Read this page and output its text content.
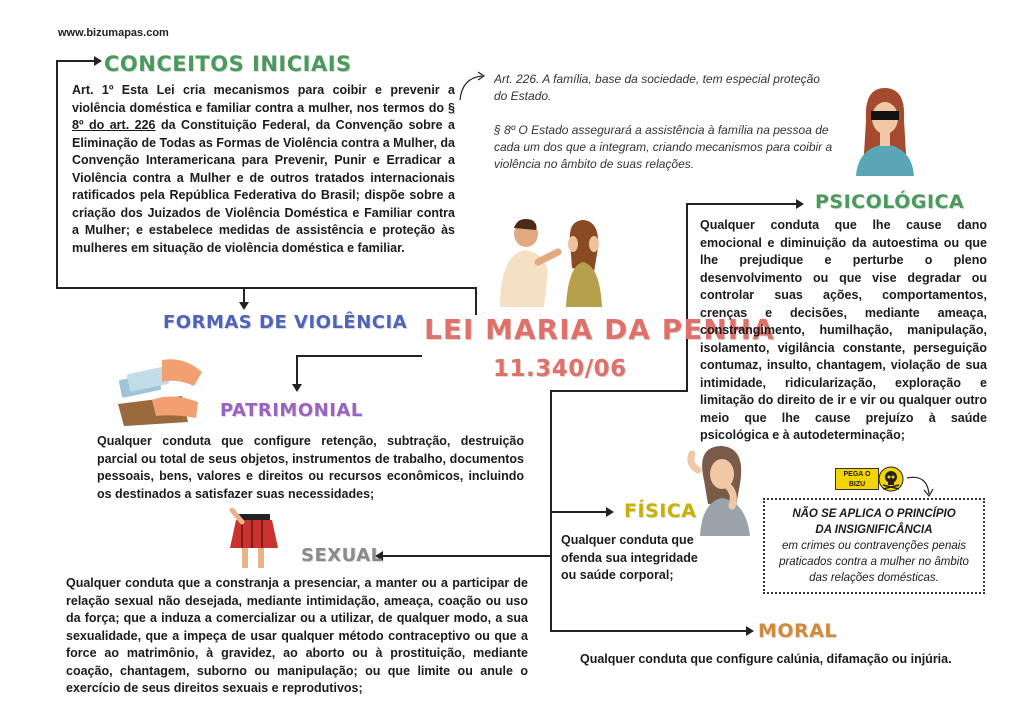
www.bizumapas.com
CONCEITOS INICIAIS
Art. 1º Esta Lei cria mecanismos para coibir e prevenir a violência doméstica e familiar contra a mulher, nos termos do § 8º do art. 226 da Constituição Federal, da Convenção sobre a Eliminação de Todas as Formas de Violência contra a Mulher, da Convenção Interamericana para Prevenir, Punir e Erradicar a Violência contra a Mulher e de outros tratados internacionais ratificados pela República Federativa do Brasil; dispõe sobre a criação dos Juizados de Violência Doméstica e Familiar contra a Mulher; e estabelece medidas de assistência e proteção às mulheres em situação de violência doméstica e familiar.
Art. 226. A família, base da sociedade, tem especial proteção do Estado.
§ 8º O Estado assegurará a assistência à família na pessoa de cada um dos que a integram, criando mecanismos para coibir a violência no âmbito de suas relações.
LEI MARIA DA PENHA
11.340/06
FORMAS DE VIOLÊNCIA
PATRIMONIAL
Qualquer conduta que configure retenção, subtração, destruição parcial ou total de seus objetos, instrumentos de trabalho, documentos pessoais, bens, valores e direitos ou recursos econômicos, incluindo os destinados a satisfazer suas necessidades;
SEXUAL
Qualquer conduta que a constranja a presenciar, a manter ou a participar de relação sexual não desejada, mediante intimidação, ameaça, coação ou uso da força; que a induza a comercializar ou a utilizar, de qualquer modo, a sua sexualidade, que a impeça de usar qualquer método contraceptivo ou que a force ao matrimônio, à gravidez, ao aborto ou à prostituição, mediante coação, chantagem, suborno ou manipulação; ou que limite ou anule o exercício de seus direitos sexuais e reprodutivos;
PSICOLÓGICA
Qualquer conduta que lhe cause dano emocional e diminuição da autoestima ou que lhe prejudique e perturbe o pleno desenvolvimento ou que vise degradar ou controlar suas ações, comportamentos, crenças e decisões, mediante ameaça, constrangimento, humilhação, manipulação, isolamento, vigilância constante, perseguição contumaz, insulto, chantagem, violação de sua intimidade, ridicularização, exploração e limitação do direito de ir e vir ou qualquer outro meio que lhe cause prejuízo à saúde psicológica e à autodeterminação;
FÍSICA
Qualquer conduta que ofenda sua integridade ou saúde corporal;
PEGA O BIZU
NÃO SE APLICA O PRINCÍPIO
DA INSIGNIFICÂNCIA
em crimes ou contravenções penais praticados contra a mulher no âmbito das relações domésticas.
MORAL
Qualquer conduta que configure calúnia, difamação ou injúria.
